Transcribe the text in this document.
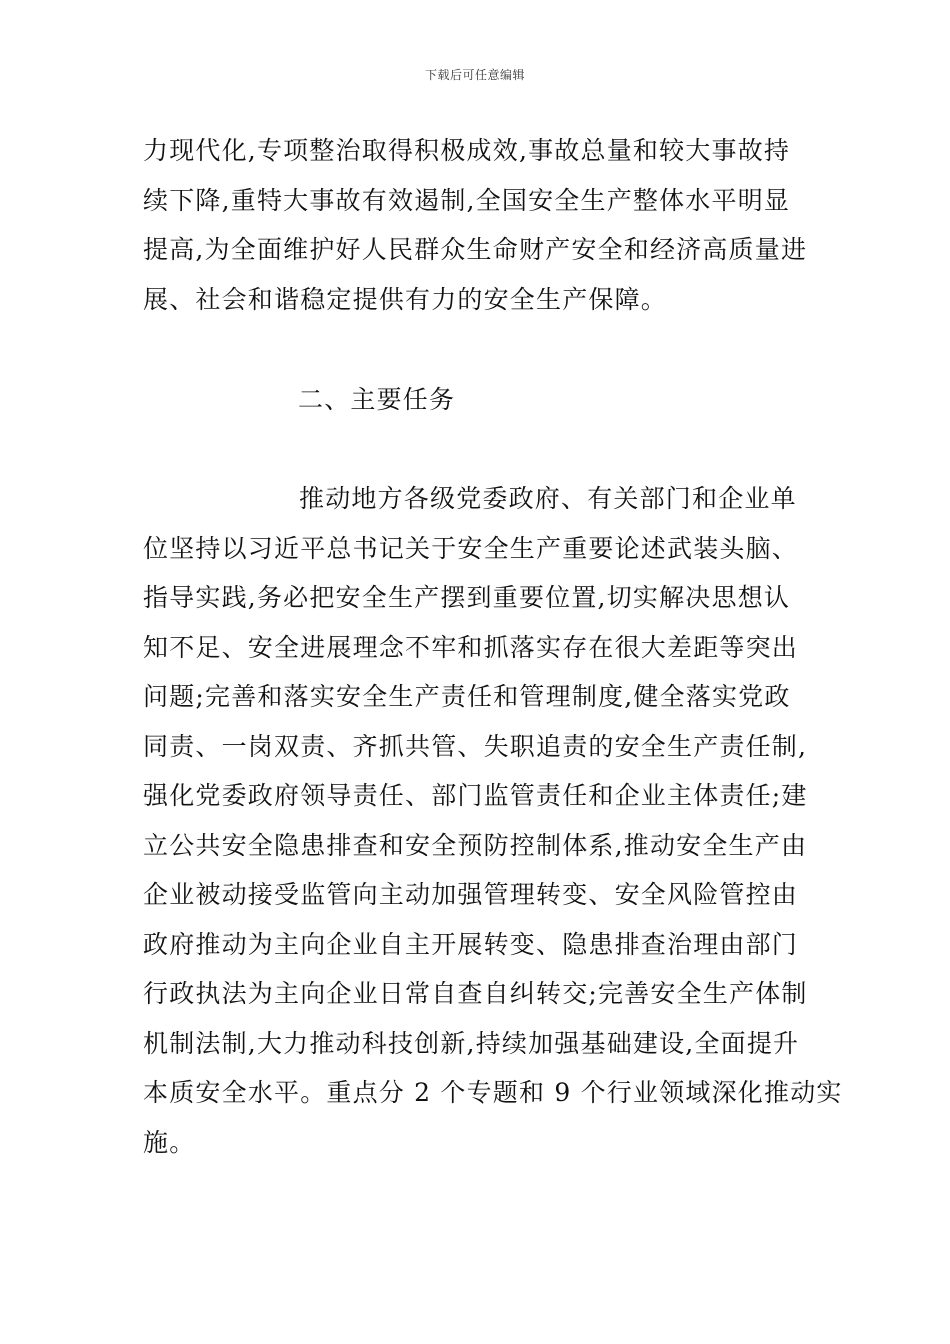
下载后可任意编辑
力现代化,专项整治取得积极成效,事故总量和较大事故持
续下降,重特大事故有效遏制,全国安全生产整体水平明显
提高,为全面维护好人民群众生命财产安全和经济高质量进
展、社会和谐稳定提供有力的安全生产保障。
二、主要任务
推动地方各级党委政府、有关部门和企业单
位坚持以习近平总书记关于安全生产重要论述武装头脑、
指导实践,务必把安全生产摆到重要位置,切实解决思想认
知不足、安全进展理念不牢和抓落实存在很大差距等突出
问题;完善和落实安全生产责任和管理制度,健全落实党政
同责、一岗双责、齐抓共管、失职追责的安全生产责任制,
强化党委政府领导责任、部门监管责任和企业主体责任;建
立公共安全隐患排查和安全预防控制体系,推动安全生产由
企业被动接受监管向主动加强管理转变、安全风险管控由
政府推动为主向企业自主开展转变、隐患排查治理由部门
行政执法为主向企业日常自查自纠转交;完善安全生产体制
机制法制,大力推动科技创新,持续加强基础建设,全面提升
本质安全水平。重点分 2 个专题和 9 个行业领域深化推动实
施。
